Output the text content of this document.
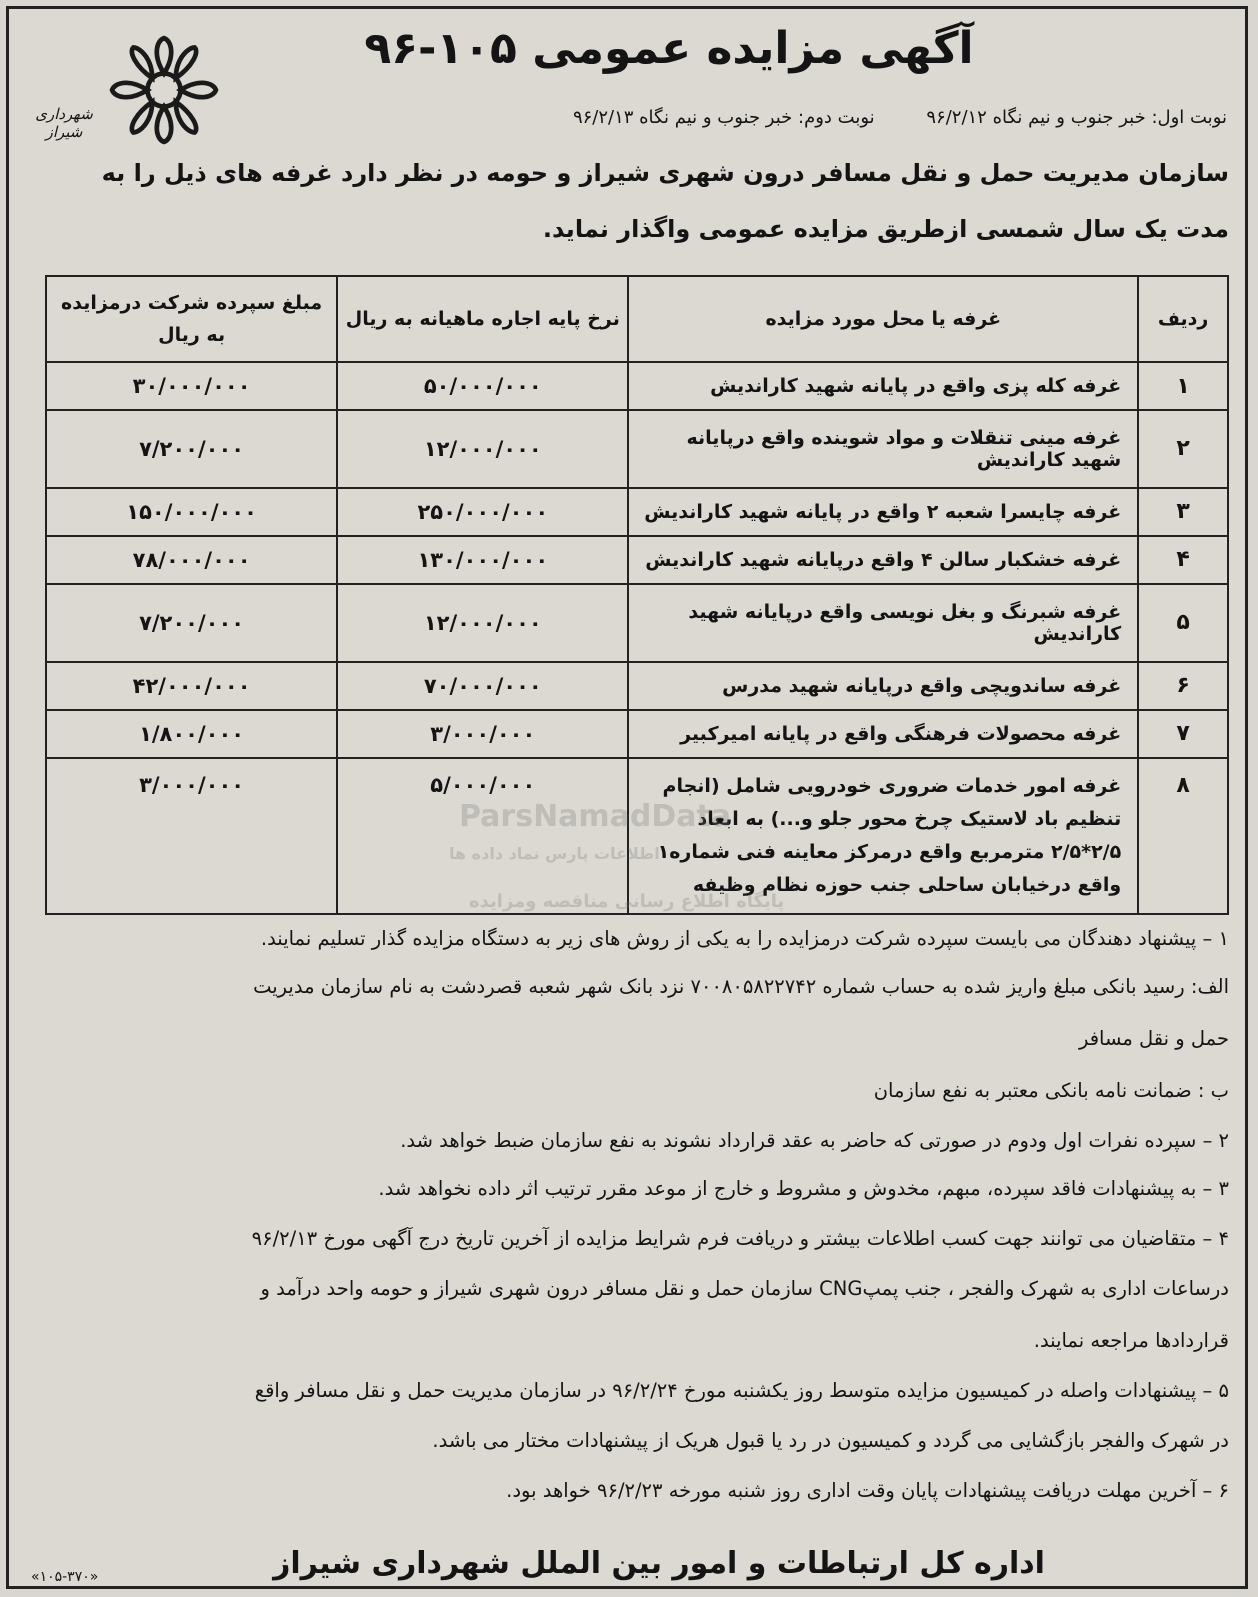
شهرداری شیراز
آگهی مزایده عمومی ۱۰۵-۹۶
نوبت اول: خبر جنوب و نیم نگاه ۹۶/۲/۱۲ نوبت دوم: خبر جنوب و نیم نگاه ۹۶/۲/۱۳
سازمان مدیریت حمل و نقل مسافر درون شهری شیراز و حومه در نظر دارد غرفه های ذیل را به
مدت یک سال شمسی ازطریق مزایده عمومی واگذار نماید.
ردیف	غرفه یا محل مورد مزایده	نرخ پایه اجاره ماهیانه به ریال	مبلغ سپرده شرکت درمزایده به ریال
۱	غرفه کله پزی واقع در پایانه شهید کاراندیش	۵۰/۰۰۰/۰۰۰	۳۰/۰۰۰/۰۰۰
۲	غرفه مینی تنقلات و مواد شوینده واقع درپایانه شهید کاراندیش	۱۲/۰۰۰/۰۰۰	۷/۲۰۰/۰۰۰
۳	غرفه چایسرا شعبه ۲ واقع در پایانه شهید کاراندیش	۲۵۰/۰۰۰/۰۰۰	۱۵۰/۰۰۰/۰۰۰
۴	غرفه خشکبار سالن ۴ واقع درپایانه شهید کاراندیش	۱۳۰/۰۰۰/۰۰۰	۷۸/۰۰۰/۰۰۰
۵	غرفه شبرنگ و بغل نویسی واقع درپایانه شهید کاراندیش	۱۲/۰۰۰/۰۰۰	۷/۲۰۰/۰۰۰
۶	غرفه ساندویچی واقع درپایانه شهید مدرس	۷۰/۰۰۰/۰۰۰	۴۲/۰۰۰/۰۰۰
۷	غرفه محصولات فرهنگی واقع در پایانه امیرکبیر	۳/۰۰۰/۰۰۰	۱/۸۰۰/۰۰۰
۸	غرفه امور خدمات ضروری خودرویی شامل (انجام
تنظیم باد لاستیک چرخ محور جلو و...) به ابعاد
۲/۵*۲/۵ مترمربع واقع درمرکز معاینه فنی شماره۱
واقع درخیابان ساحلی جنب حوزه نظام وظیفه	۵/۰۰۰/۰۰۰	۳/۰۰۰/۰۰۰
ParsNamadData
اطلاعات پارس نماد داده ها
پایگاه اطلاع رسانی مناقصه ومزایده
۱ – پیشنهاد دهندگان می بایست سپرده شرکت درمزایده را به یکی از روش های زیر به دستگاه مزایده گذار تسلیم نمایند.
الف: رسید بانکی مبلغ واریز شده به حساب شماره ۷۰۰۸۰۵۸۲۲۷۴۲ نزد بانک شهر شعبه قصردشت به نام سازمان مدیریت
حمل و نقل مسافر
ب : ضمانت نامه بانکی معتبر به نفع سازمان
۲ – سپرده نفرات اول ودوم در صورتی که حاضر به عقد قرارداد نشوند به نفع سازمان ضبط خواهد شد.
۳ – به پیشنهادات فاقد سپرده، مبهم، مخدوش و مشروط و خارج از موعد مقرر ترتیب اثر داده نخواهد شد.
۴ – متقاضیان می توانند جهت کسب اطلاعات بیشتر و دریافت فرم شرایط مزایده از آخرین تاریخ درج آگهی مورخ ۹۶/۲/۱۳
درساعات اداری به شهرک والفجر ، جنب پمپCNG سازمان حمل و نقل مسافر درون شهری شیراز و حومه واحد درآمد و
قراردادها مراجعه نمایند.
۵ – پیشنهادات واصله در کمیسیون مزایده متوسط روز یکشنبه مورخ ۹۶/۲/۲۴ در سازمان مدیریت حمل و نقل مسافر واقع
در شهرک والفجر بازگشایی می گردد و کمیسیون در رد یا قبول هریک از پیشنهادات مختار می باشد.
۶ – آخرین مهلت دریافت پیشنهادات پایان وقت اداری روز شنبه مورخه ۹۶/۲/۲۳ خواهد بود.
اداره کل ارتباطات و امور بین الملل شهرداری شیراز
«۱۰۵-۳۷۰»
